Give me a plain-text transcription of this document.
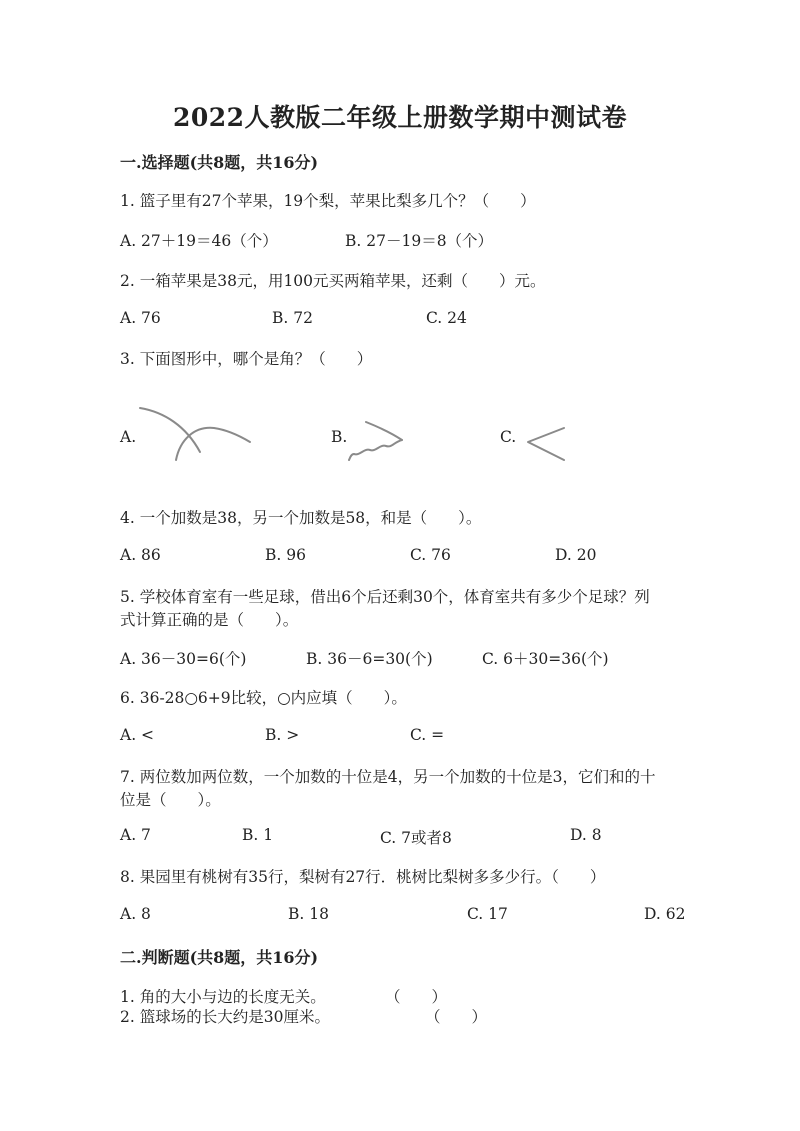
2022人教版二年级上册数学期中测试卷
一.选择题(共8题，共16分)
1. 篮子里有27个苹果，19个梨，苹果比梨多几个？（　　）
A. 27＋19＝46（个）	B. 27－19＝8（个）
2. 一箱苹果是38元，用100元买两箱苹果，还剩（　　）元。
A. 76	B. 72	C. 24
3. 下面图形中，哪个是角？（　　）
A.	B.	C.
4. 一个加数是38，另一个加数是58，和是（　　）。
A. 86	B. 96	C. 76	D. 20
5. 学校体育室有一些足球，借出6个后还剩30个，体育室共有多少个足球？列
式计算正确的是（　　）。
A. 36－30=6(个)	B. 36－6=30(个)	C. 6＋30=36(个)
6. 36-28○6+9比较，○内应填（　　）。
A. <	B. >	C. =
7. 两位数加两位数，一个加数的十位是4，另一个加数的十位是3，它们和的十
位是（　　）。
A. 7	B. 1	C. 7或者8	D. 8
8. 果园里有桃树有35行，梨树有27行．桃树比梨树多多少行。（　　）
A. 8	B. 18	C. 17	D. 62
二.判断题(共8题，共16分)
1. 角的大小与边的长度无关。	（　　）
2. 篮球场的长大约是30厘米。	（　　）
